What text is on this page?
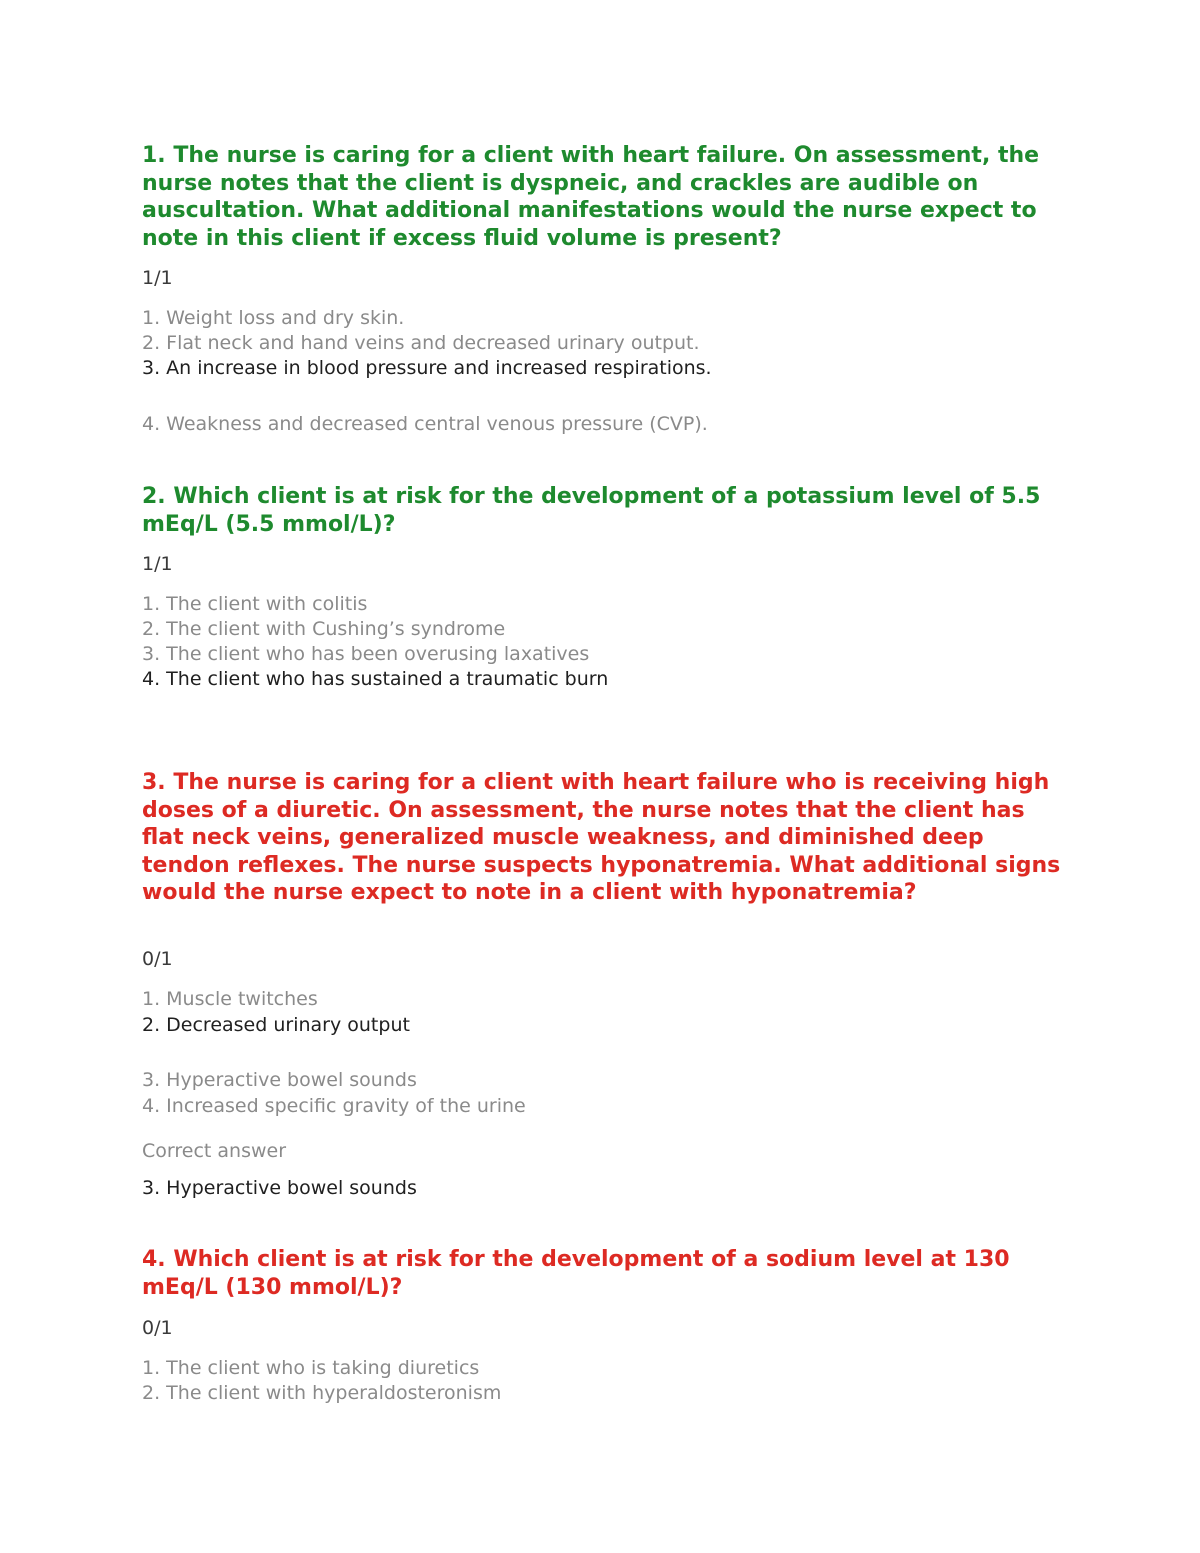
1. The nurse is caring for a client with heart failure. On assessment, the nurse notes that the client is dyspneic, and crackles are audible on auscultation. What additional manifestations would the nurse expect to note in this client if excess fluid volume is present?

1/1
1. Weight loss and dry skin.
2. Flat neck and hand veins and decreased urinary output.
3. An increase in blood pressure and increased respirations.
4. Weakness and decreased central venous pressure (CVP).

2. Which client is at risk for the development of a potassium level of 5.5 mEq/L (5.5 mmol/L)?

1/1
1. The client with colitis
2. The client with Cushing’s syndrome
3. The client who has been overusing laxatives
4. The client who has sustained a traumatic burn

3. The nurse is caring for a client with heart failure who is receiving high doses of a diuretic. On assessment, the nurse notes that the client has flat neck veins, generalized muscle weakness, and diminished deep tendon reflexes. The nurse suspects hyponatremia. What additional signs would the nurse expect to note in a client with hyponatremia?

0/1
1. Muscle twitches
2. Decreased urinary output
3. Hyperactive bowel sounds
4. Increased specific gravity of the urine
Correct answer
3. Hyperactive bowel sounds

4. Which client is at risk for the development of a sodium level at 130 mEq/L (130 mmol/L)?

0/1
1. The client who is taking diuretics
2. The client with hyperaldosteronism
